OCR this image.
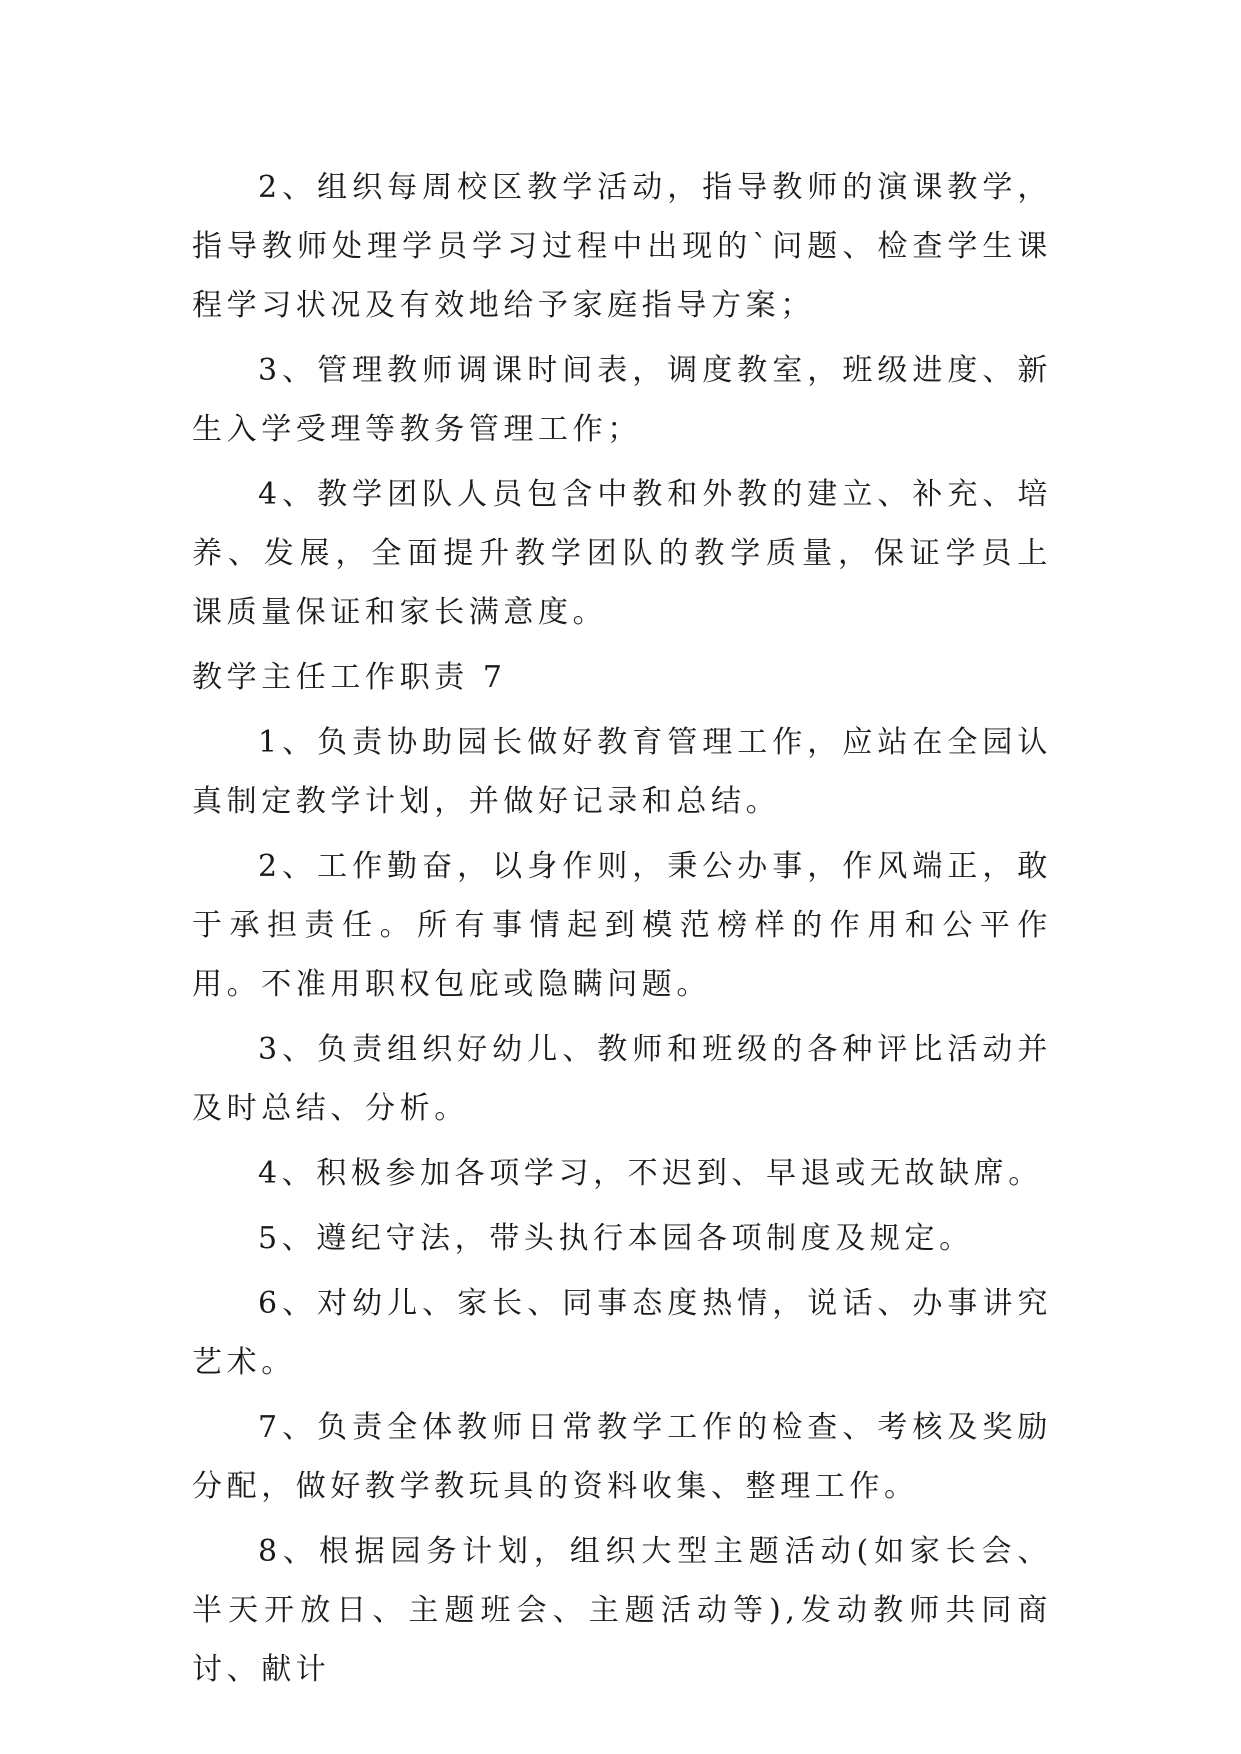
2、组织每周校区教学活动，指导教师的演课教学，指导教师处理学员学习过程中出现的`问题、检查学生课程学习状况及有效地给予家庭指导方案；

3、管理教师调课时间表，调度教室，班级进度、新生入学受理等教务管理工作；

4、教学团队人员包含中教和外教的建立、补充、培养、发展，全面提升教学团队的教学质量，保证学员上课质量保证和家长满意度。

教学主任工作职责 7

1、负责协助园长做好教育管理工作，应站在全园认真制定教学计划，并做好记录和总结。

2、工作勤奋，以身作则，秉公办事，作风端正，敢于承担责任。所有事情起到模范榜样的作用和公平作用。不准用职权包庇或隐瞒问题。

3、负责组织好幼儿、教师和班级的各种评比活动并及时总结、分析。

4、积极参加各项学习，不迟到、早退或无故缺席。

5、遵纪守法，带头执行本园各项制度及规定。

6、对幼儿、家长、同事态度热情，说话、办事讲究艺术。

7、负责全体教师日常教学工作的检查、考核及奖励分配，做好教学教玩具的资料收集、整理工作。

8、根据园务计划，组织大型主题活动(如家长会、半天开放日、主题班会、主题活动等),发动教师共同商讨、献计
